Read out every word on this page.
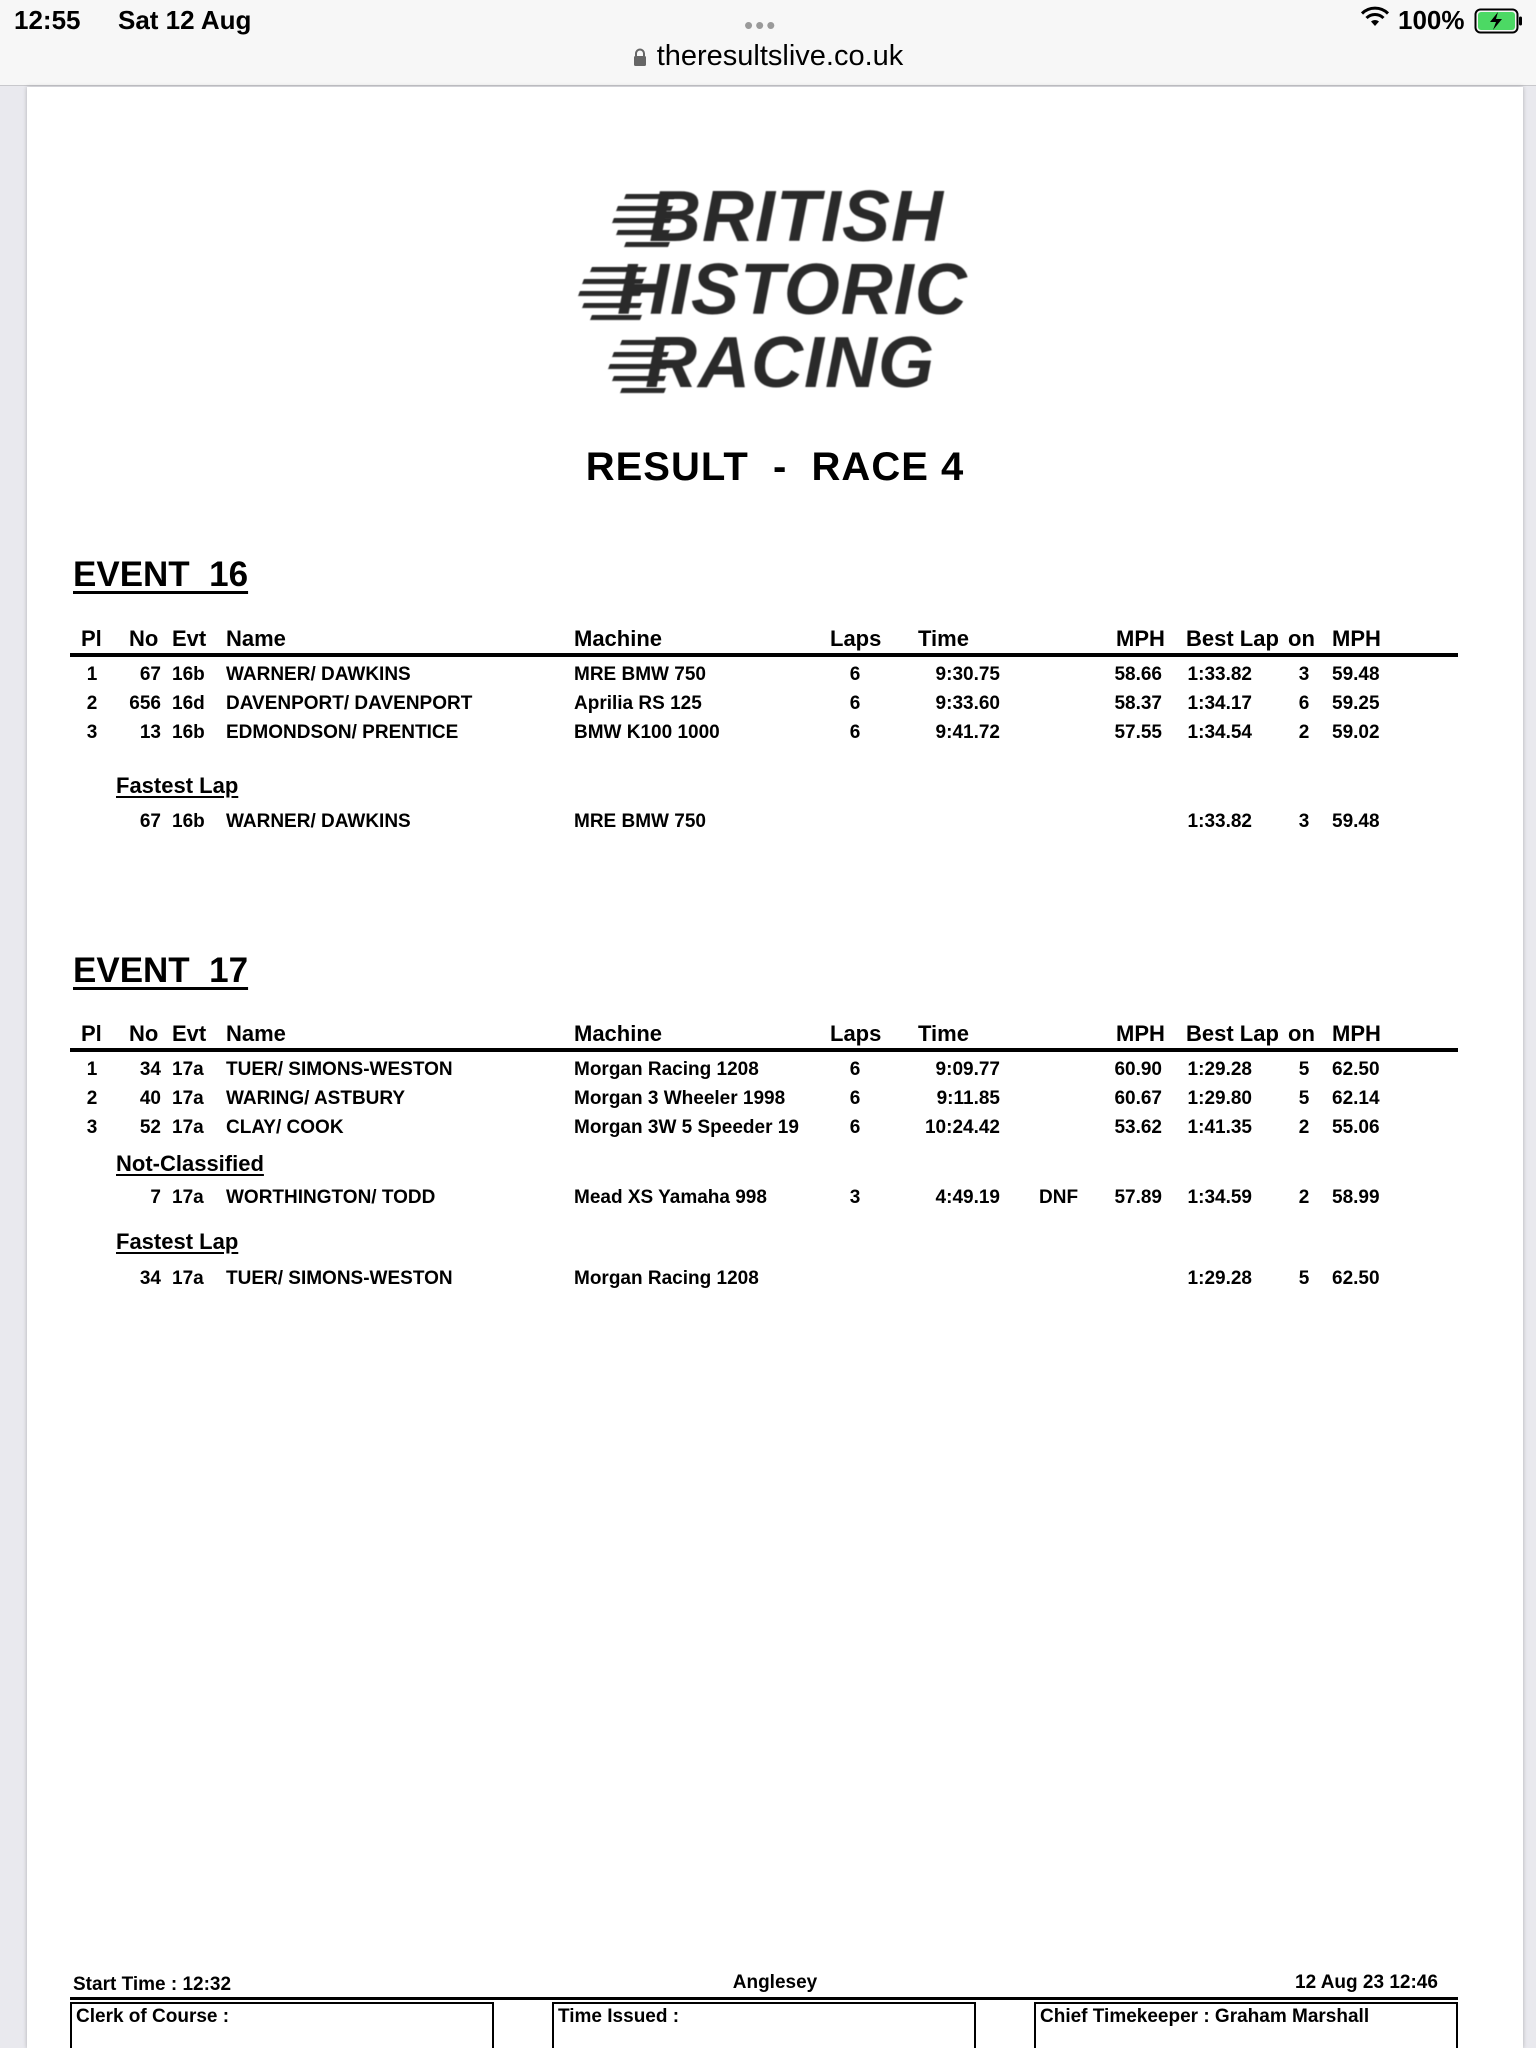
12:55 Sat 12 Aug	•••	100%
theresultslive.co.uk
BRITISH
HISTORIC
RACING
RESULT  -  RACE 4
EVENT  16
Pl No Evt Name	Machine	Laps Time	MPH Best Lap on MPH
1	67 16b	WARNER/ DAWKINS	MRE BMW 750	6	9:30.75	58.66	1:33.82	3	59.48
2	656 16d	DAVENPORT/ DAVENPORT	Aprilia RS 125	6	9:33.60	58.37	1:34.17	6	59.25
3	13 16b	EDMONDSON/ PRENTICE	BMW K100 1000	6	9:41.72	57.55	1:34.54	2	59.02
Fastest Lap
67 16b	WARNER/ DAWKINS	MRE BMW 750	1:33.82	3	59.48
EVENT  17
Pl No Evt Name	Machine	Laps Time	MPH Best Lap on MPH
1	34 17a	TUER/ SIMONS-WESTON	Morgan Racing 1208	6	9:09.77	60.90	1:29.28	5	62.50
2	40 17a	WARING/ ASTBURY	Morgan 3 Wheeler 1998	6	9:11.85	60.67	1:29.80	5	62.14
3	52 17a	CLAY/ COOK	Morgan 3W 5 Speeder 19	6	10:24.42	53.62	1:41.35	2	55.06
Not-Classified
7 17a	WORTHINGTON/ TODD	Mead XS Yamaha 998	3	4:49.19 DNF	57.89	1:34.59	2	58.99
Fastest Lap
34 17a	TUER/ SIMONS-WESTON	Morgan Racing 1208	1:29.28	5	62.50
Start Time : 12:32	Anglesey	12 Aug 23 12:46
Clerk of Course :	Time Issued :	Chief Timekeeper : Graham Marshall
